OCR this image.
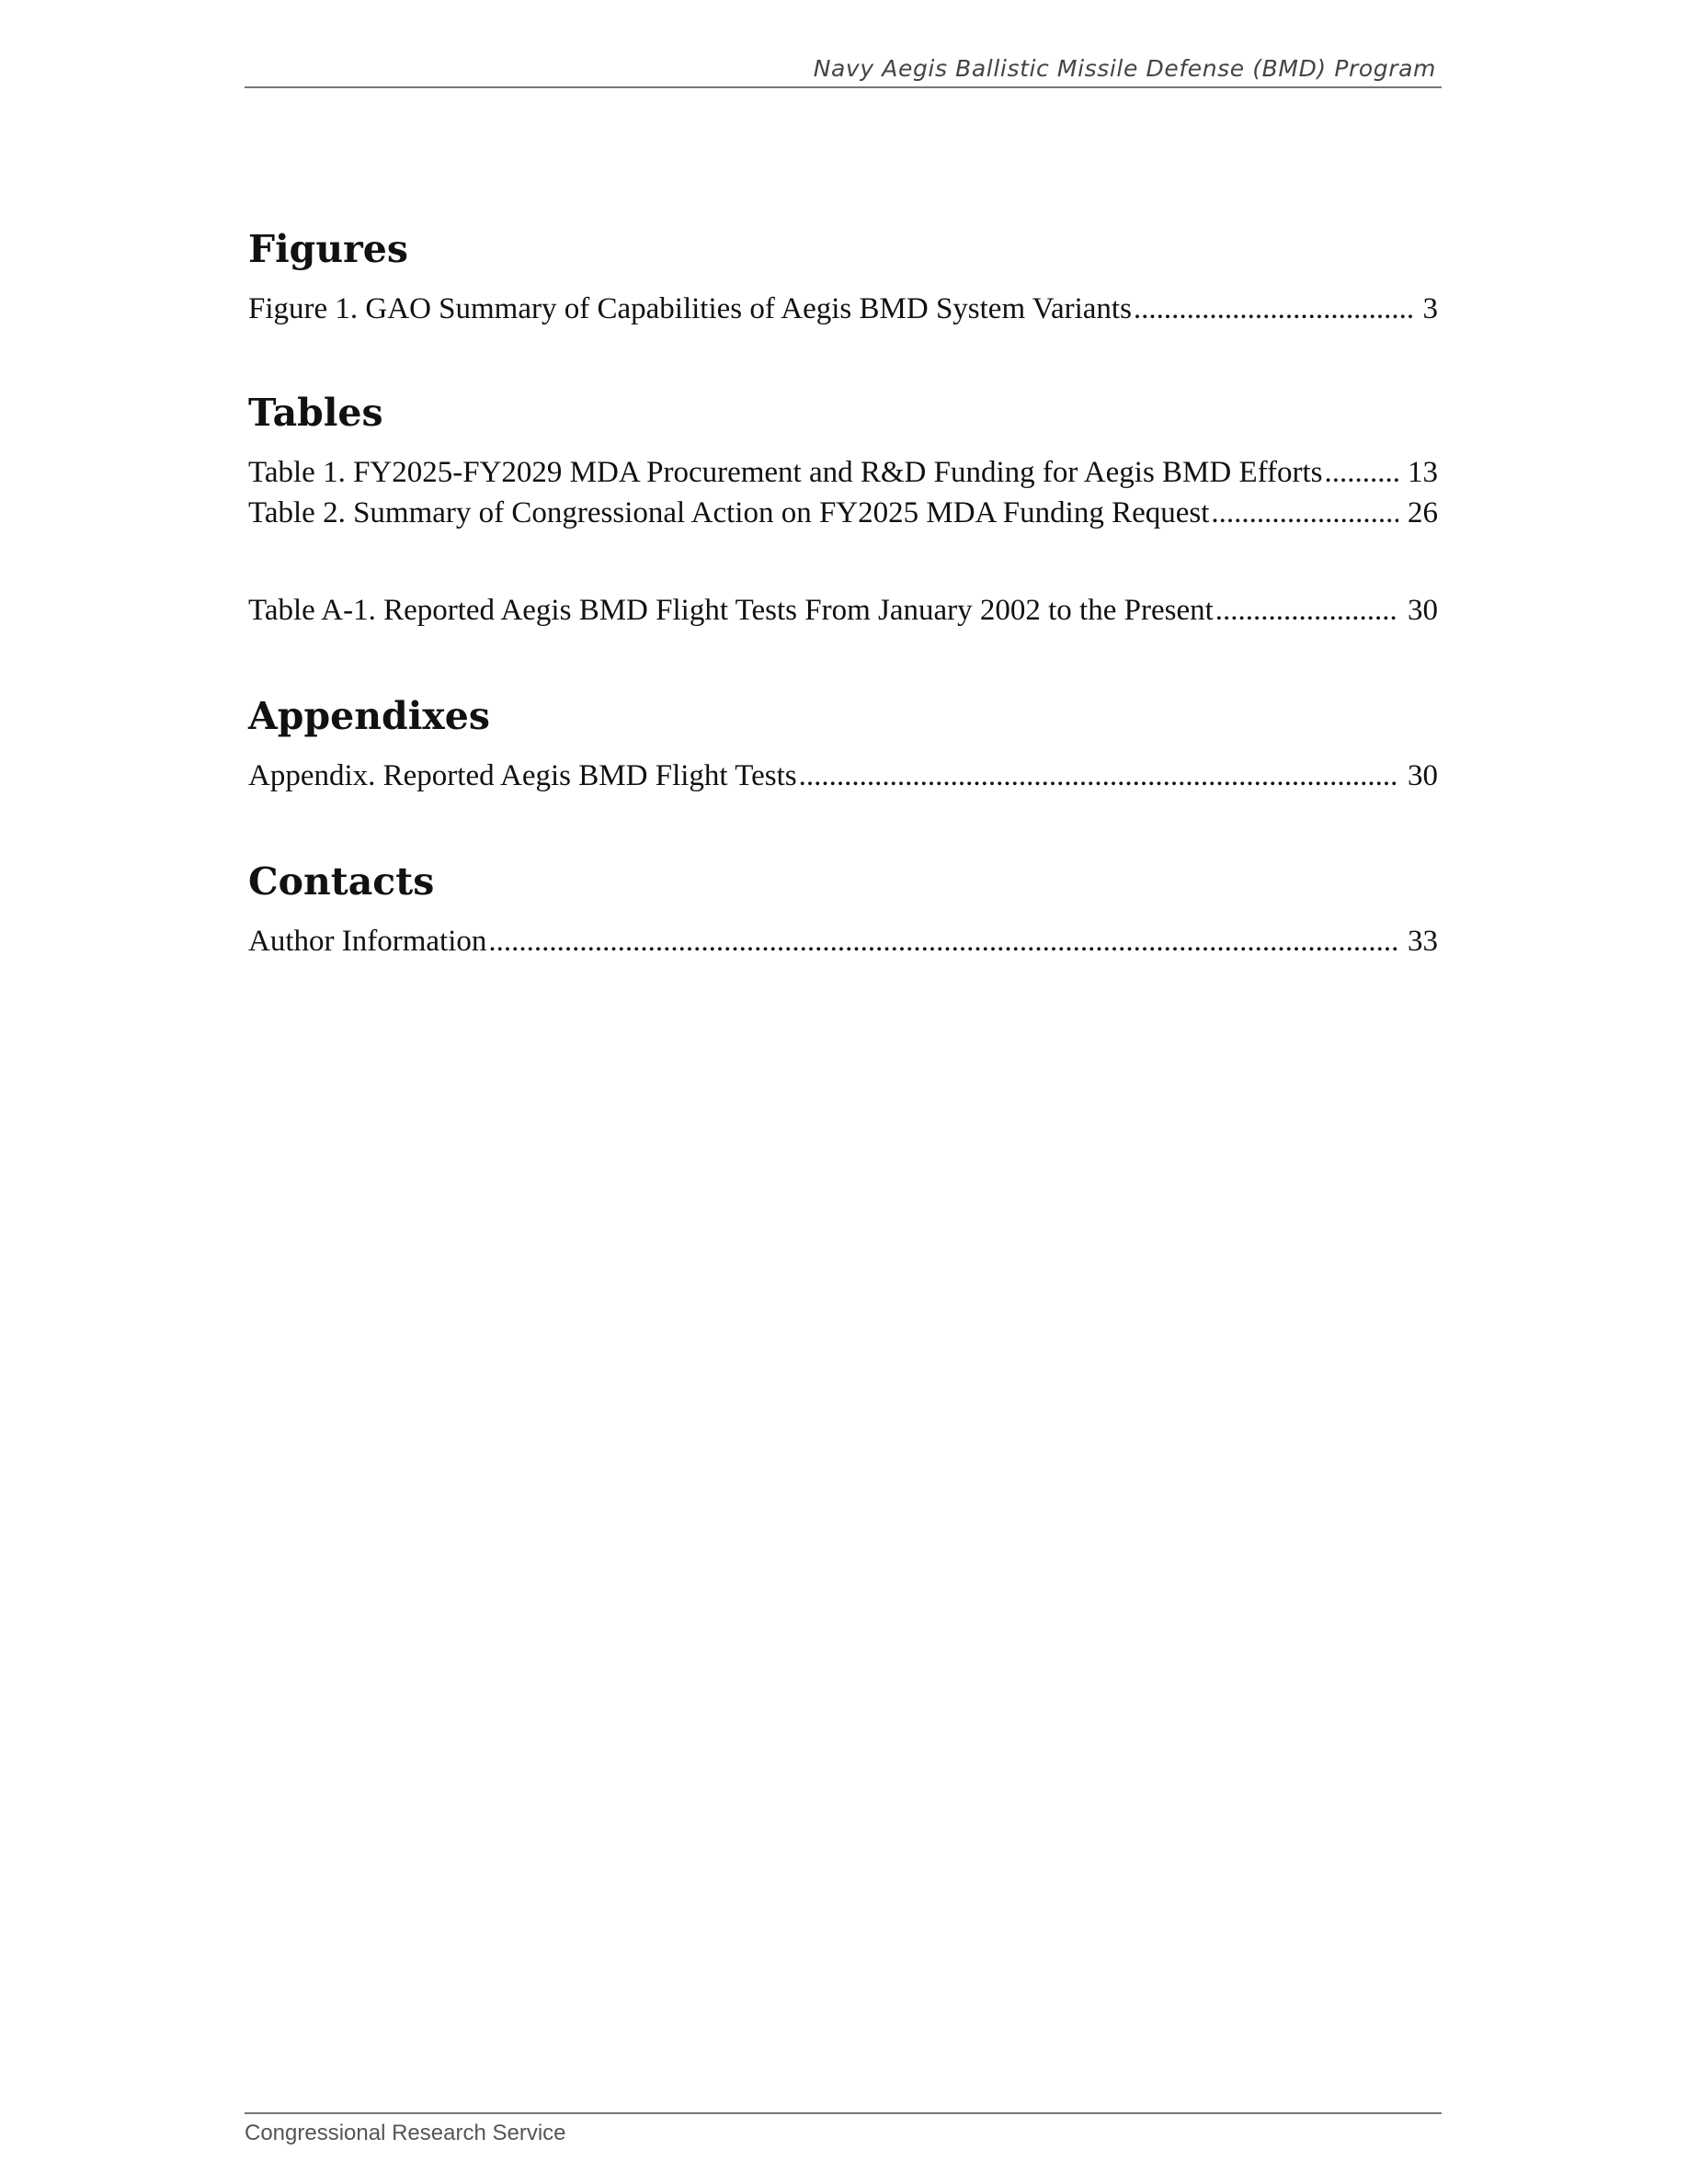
Navy Aegis Ballistic Missile Defense (BMD) Program
Figures
Figure 1. GAO Summary of Capabilities of Aegis BMD System Variants .....	3
Tables
Table 1. FY2025-FY2029 MDA Procurement and R&D Funding for Aegis BMD Efforts .....	13
Table 2. Summary of Congressional Action on FY2025 MDA Funding Request .....	26
Table A-1. Reported Aegis BMD Flight Tests From January 2002 to the Present .....	30
Appendixes
Appendix. Reported Aegis BMD Flight Tests .....	30
Contacts
Author Information .....	33
Congressional Research Service
